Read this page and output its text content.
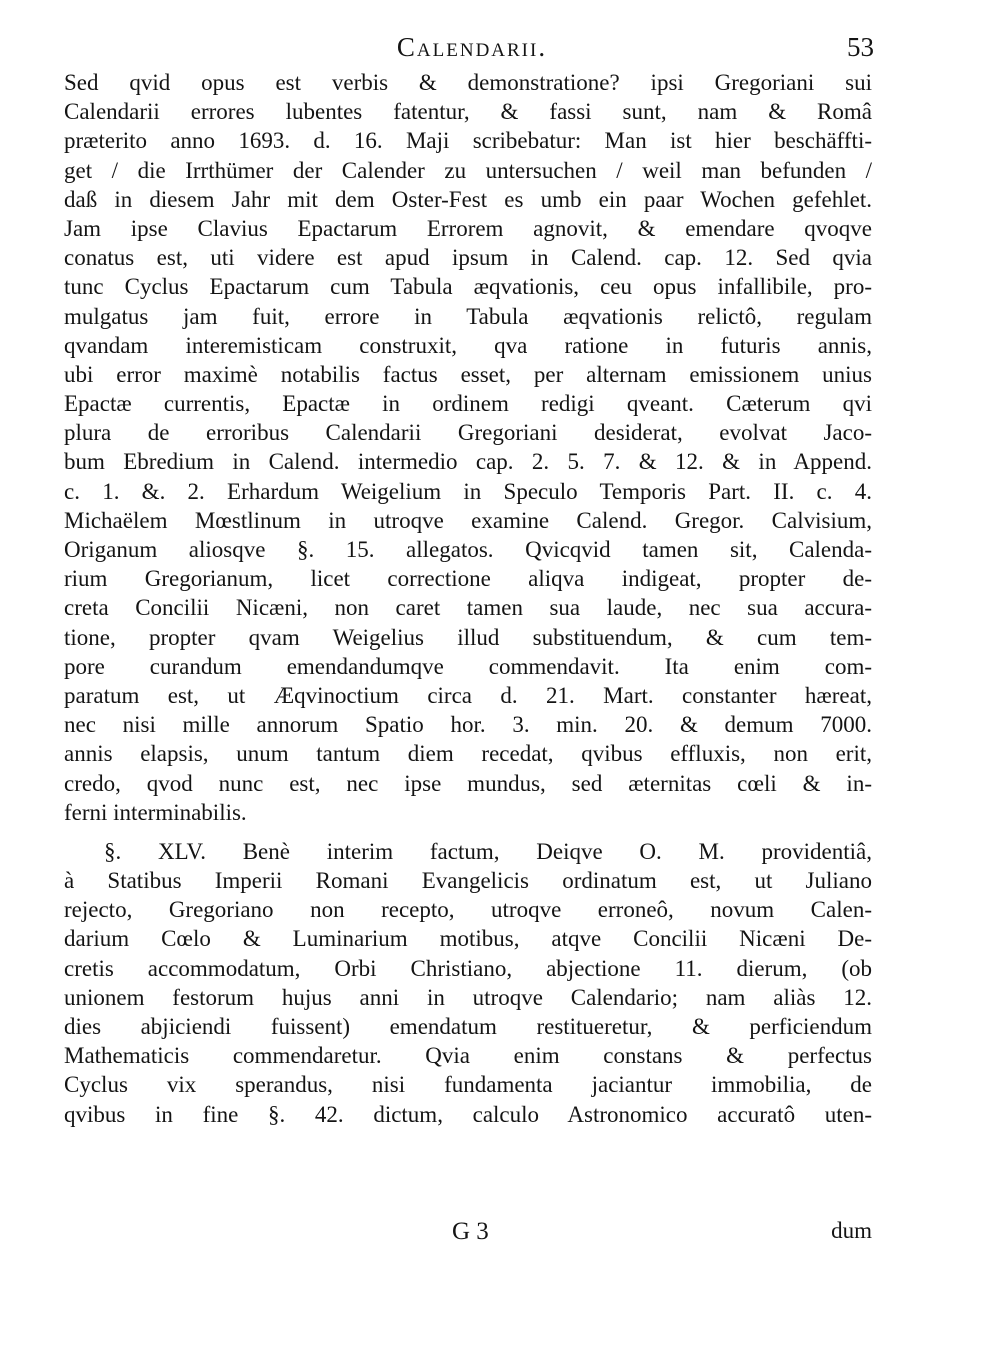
Calendarii.	53
Sed qvid opus est verbis & demonstratione? ipsi Gregoriani sui
Calendarii errores lubentes fatentur, & fassi sunt, nam & Româ
præterito anno 1693. d. 16. Maji scribebatur: Man ist hier beschäffti-
get / die Irrthümer der Calender zu untersuchen / weil man befunden /
daß in diesem Jahr mit dem Oster-Fest es umb ein paar Wochen gefehlet.
Jam ipse Clavius Epactarum Errorem agnovit, & emendare qvoqve
conatus est, uti videre est apud ipsum in Calend. cap. 12. Sed qvia
tunc Cyclus Epactarum cum Tabula æqvationis, ceu opus infallibile, pro-
mulgatus jam fuit, errore in Tabula æqvationis relictô, regulam
qvandam interemisticam construxit, qva ratione in futuris annis,
ubi error maximè notabilis factus esset, per alternam emissionem unius
Epactæ currentis, Epactæ in ordinem redigi qveant. Cæterum qvi
plura de erroribus Calendarii Gregoriani desiderat, evolvat Jaco-
bum Ebredium in Calend. intermedio cap. 2. 5. 7. & 12. & in Append.
c. 1. &. 2. Erhardum Weigelium in Speculo Temporis Part. II. c. 4.
Michaëlem Mœstlinum in utroqve examine Calend. Gregor. Calvisium,
Origanum aliosqve §. 15. allegatos. Qvicqvid tamen sit, Calenda-
rium Gregorianum, licet correctione aliqva indigeat, propter de-
creta Concilii Nicæni, non caret tamen sua laude, nec sua accura-
tione, propter qvam Weigelius illud substituendum, & cum tem-
pore curandum emendandumqve commendavit. Ita enim com-
paratum est, ut Æqvinoctium circa d. 21. Mart. constanter hæreat,
nec nisi mille annorum Spatio hor. 3. min. 20. & demum 7000.
annis elapsis, unum tantum diem recedat, qvibus effluxis, non erit,
credo, qvod nunc est, nec ipse mundus, sed æternitas cœli & in-
ferni interminabilis.
§. XLV. Benè interim factum, Deiqve O. M. providentiâ,
à Statibus Imperii Romani Evangelicis ordinatum est, ut Juliano
rejecto, Gregoriano non recepto, utroqve erroneô, novum Calen-
darium Cœlo & Luminarium motibus, atqve Concilii Nicæni De-
cretis accommodatum, Orbi Christiano, abjectione 11. dierum, (ob
unionem festorum hujus anni in utroqve Calendario; nam aliàs 12.
dies abjiciendi fuissent) emendatum restitueretur, & perficiendum
Mathematicis commendaretur. Qvia enim constans & perfectus
Cyclus vix sperandus, nisi fundamenta jaciantur immobilia, de
qvibus in fine §. 42. dictum, calculo Astronomico accuratô uten-
G 3	dum
